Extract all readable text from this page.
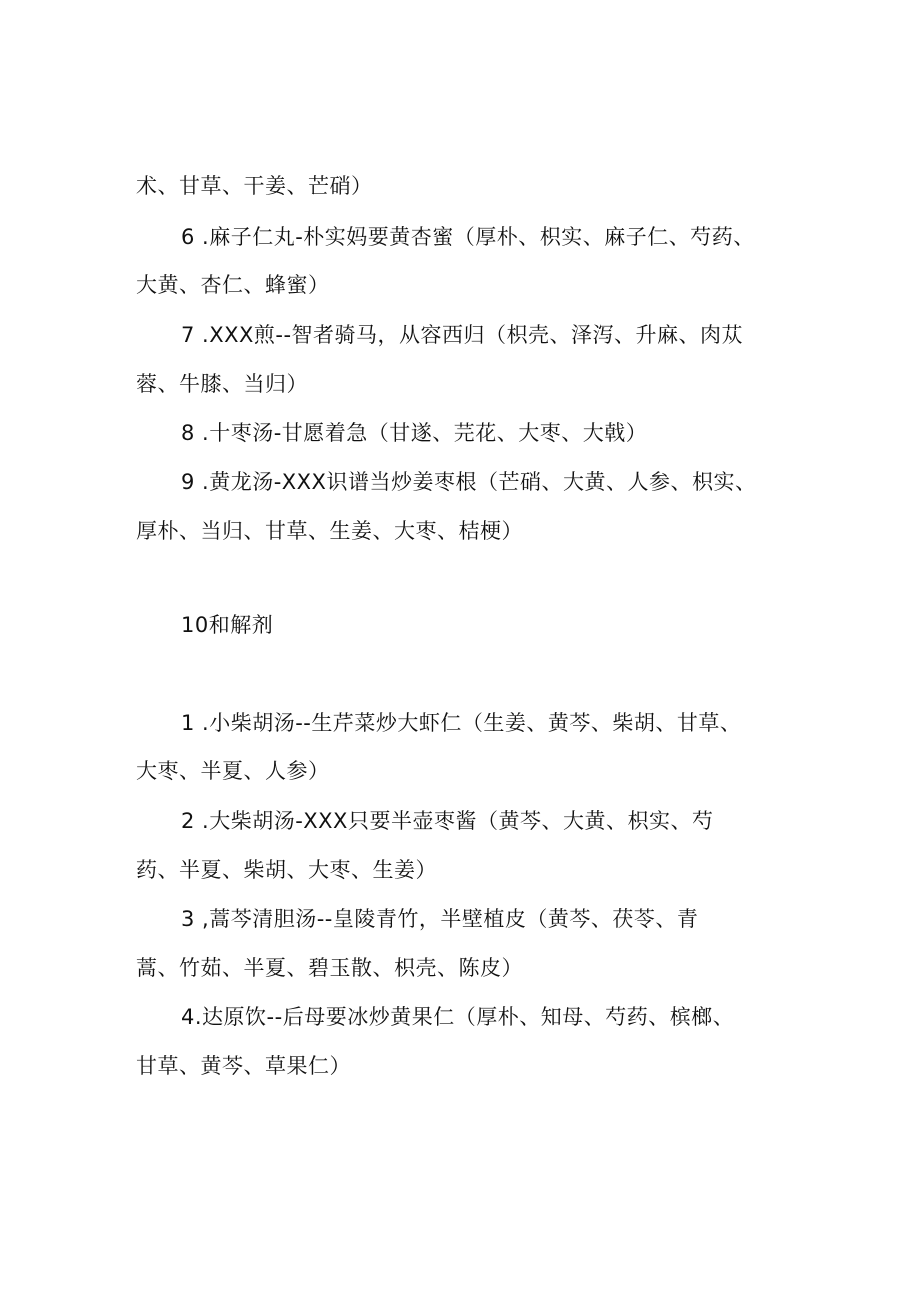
术、甘草、干姜、芒硝）
6 .麻子仁丸-朴实妈要黄杏蜜（厚朴、枳实、麻子仁、芍药、
大黄、杏仁、蜂蜜）
7 .XXX煎--智者骑马，从容西归（枳壳、泽泻、升麻、肉苁
蓉、牛膝、当归）
8 .十枣汤-甘愿着急（甘遂、芫花、大枣、大戟）
9 .黄龙汤-XXX识谱当炒姜枣根（芒硝、大黄、人参、枳实、
厚朴、当归、甘草、生姜、大枣、桔梗）
10和解剂
1 .小柴胡汤--生芹菜炒大虾仁（生姜、黄芩、柴胡、甘草、
大枣、半夏、人参）
2 .大柴胡汤-XXX只要半壶枣酱（黄芩、大黄、枳实、芍
药、半夏、柴胡、大枣、生姜）
3 ,蒿芩清胆汤--皇陵青竹，半壁植皮（黄芩、茯苓、青
蒿、竹茹、半夏、碧玉散、枳壳、陈皮）
4.达原饮--后母要冰炒黄果仁（厚朴、知母、芍药、槟榔、
甘草、黄芩、草果仁）
